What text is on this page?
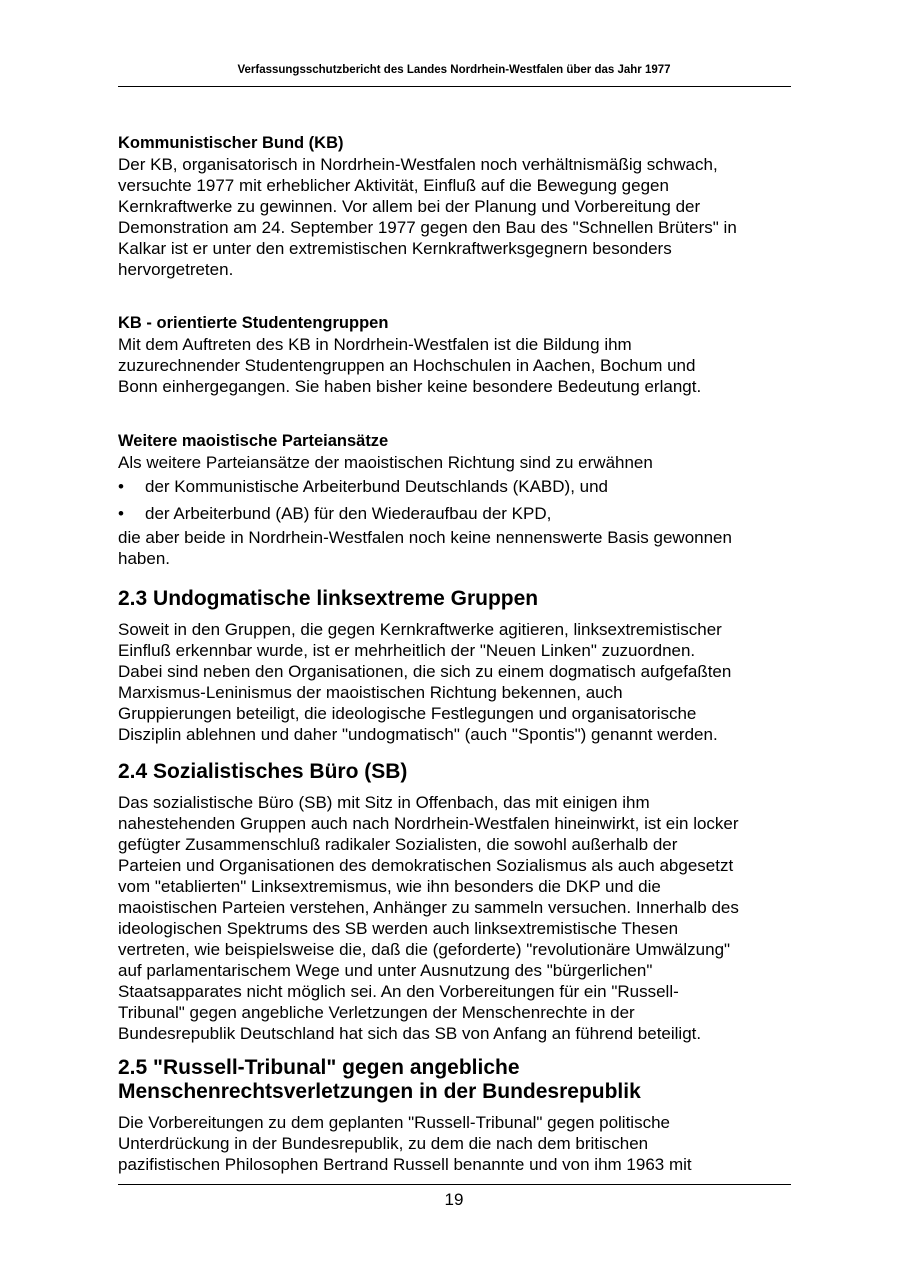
Verfassungsschutzbericht des Landes Nordrhein-Westfalen über das Jahr 1977
Kommunistischer Bund (KB)
Der KB, organisatorisch in Nordrhein-Westfalen noch verhältnismäßig schwach,
versuchte 1977 mit erheblicher Aktivität, Einfluß auf die Bewegung gegen
Kernkraftwerke zu gewinnen. Vor allem bei der Planung und Vorbereitung der
Demonstration am 24. September 1977 gegen den Bau des "Schnellen Brüters" in
Kalkar ist er unter den extremistischen Kernkraftwerksgegnern besonders
hervorgetreten.
KB - orientierte Studentengruppen
Mit dem Auftreten des KB in Nordrhein-Westfalen ist die Bildung ihm
zuzurechnender Studentengruppen an Hochschulen in Aachen, Bochum und
Bonn einhergegangen. Sie haben bisher keine besondere Bedeutung erlangt.
Weitere maoistische Parteiansätze
Als weitere Parteiansätze der maoistischen Richtung sind zu erwähnen
• der Kommunistische Arbeiterbund Deutschlands (KABD), und
• der Arbeiterbund (AB) für den Wiederaufbau der KPD,
die aber beide in Nordrhein-Westfalen noch keine nennenswerte Basis gewonnen
haben.
2.3 Undogmatische linksextreme Gruppen
Soweit in den Gruppen, die gegen Kernkraftwerke agitieren, linksextremistischer
Einfluß erkennbar wurde, ist er mehrheitlich der "Neuen Linken" zuzuordnen.
Dabei sind neben den Organisationen, die sich zu einem dogmatisch aufgefaßten
Marxismus-Leninismus der maoistischen Richtung bekennen, auch
Gruppierungen beteiligt, die ideologische Festlegungen und organisatorische
Disziplin ablehnen und daher "undogmatisch" (auch "Spontis") genannt werden.
2.4 Sozialistisches Büro (SB)
Das sozialistische Büro (SB) mit Sitz in Offenbach, das mit einigen ihm
nahestehenden Gruppen auch nach Nordrhein-Westfalen hineinwirkt, ist ein locker
gefügter Zusammenschluß radikaler Sozialisten, die sowohl außerhalb der
Parteien und Organisationen des demokratischen Sozialismus als auch abgesetzt
vom "etablierten" Linksextremismus, wie ihn besonders die DKP und die
maoistischen Parteien verstehen, Anhänger zu sammeln versuchen. Innerhalb des
ideologischen Spektrums des SB werden auch linksextremistische Thesen
vertreten, wie beispielsweise die, daß die (geforderte) "revolutionäre Umwälzung"
auf parlamentarischem Wege und unter Ausnutzung des "bürgerlichen"
Staatsapparates nicht möglich sei. An den Vorbereitungen für ein "Russell-
Tribunal" gegen angebliche Verletzungen der Menschenrechte in der
Bundesrepublik Deutschland hat sich das SB von Anfang an führend beteiligt.
2.5 "Russell-Tribunal" gegen angebliche
Menschenrechtsverletzungen in der Bundesrepublik
Die Vorbereitungen zu dem geplanten "Russell-Tribunal" gegen politische
Unterdrückung in der Bundesrepublik, zu dem die nach dem britischen
pazifistischen Philosophen Bertrand Russell benannte und von ihm 1963 mit
19
